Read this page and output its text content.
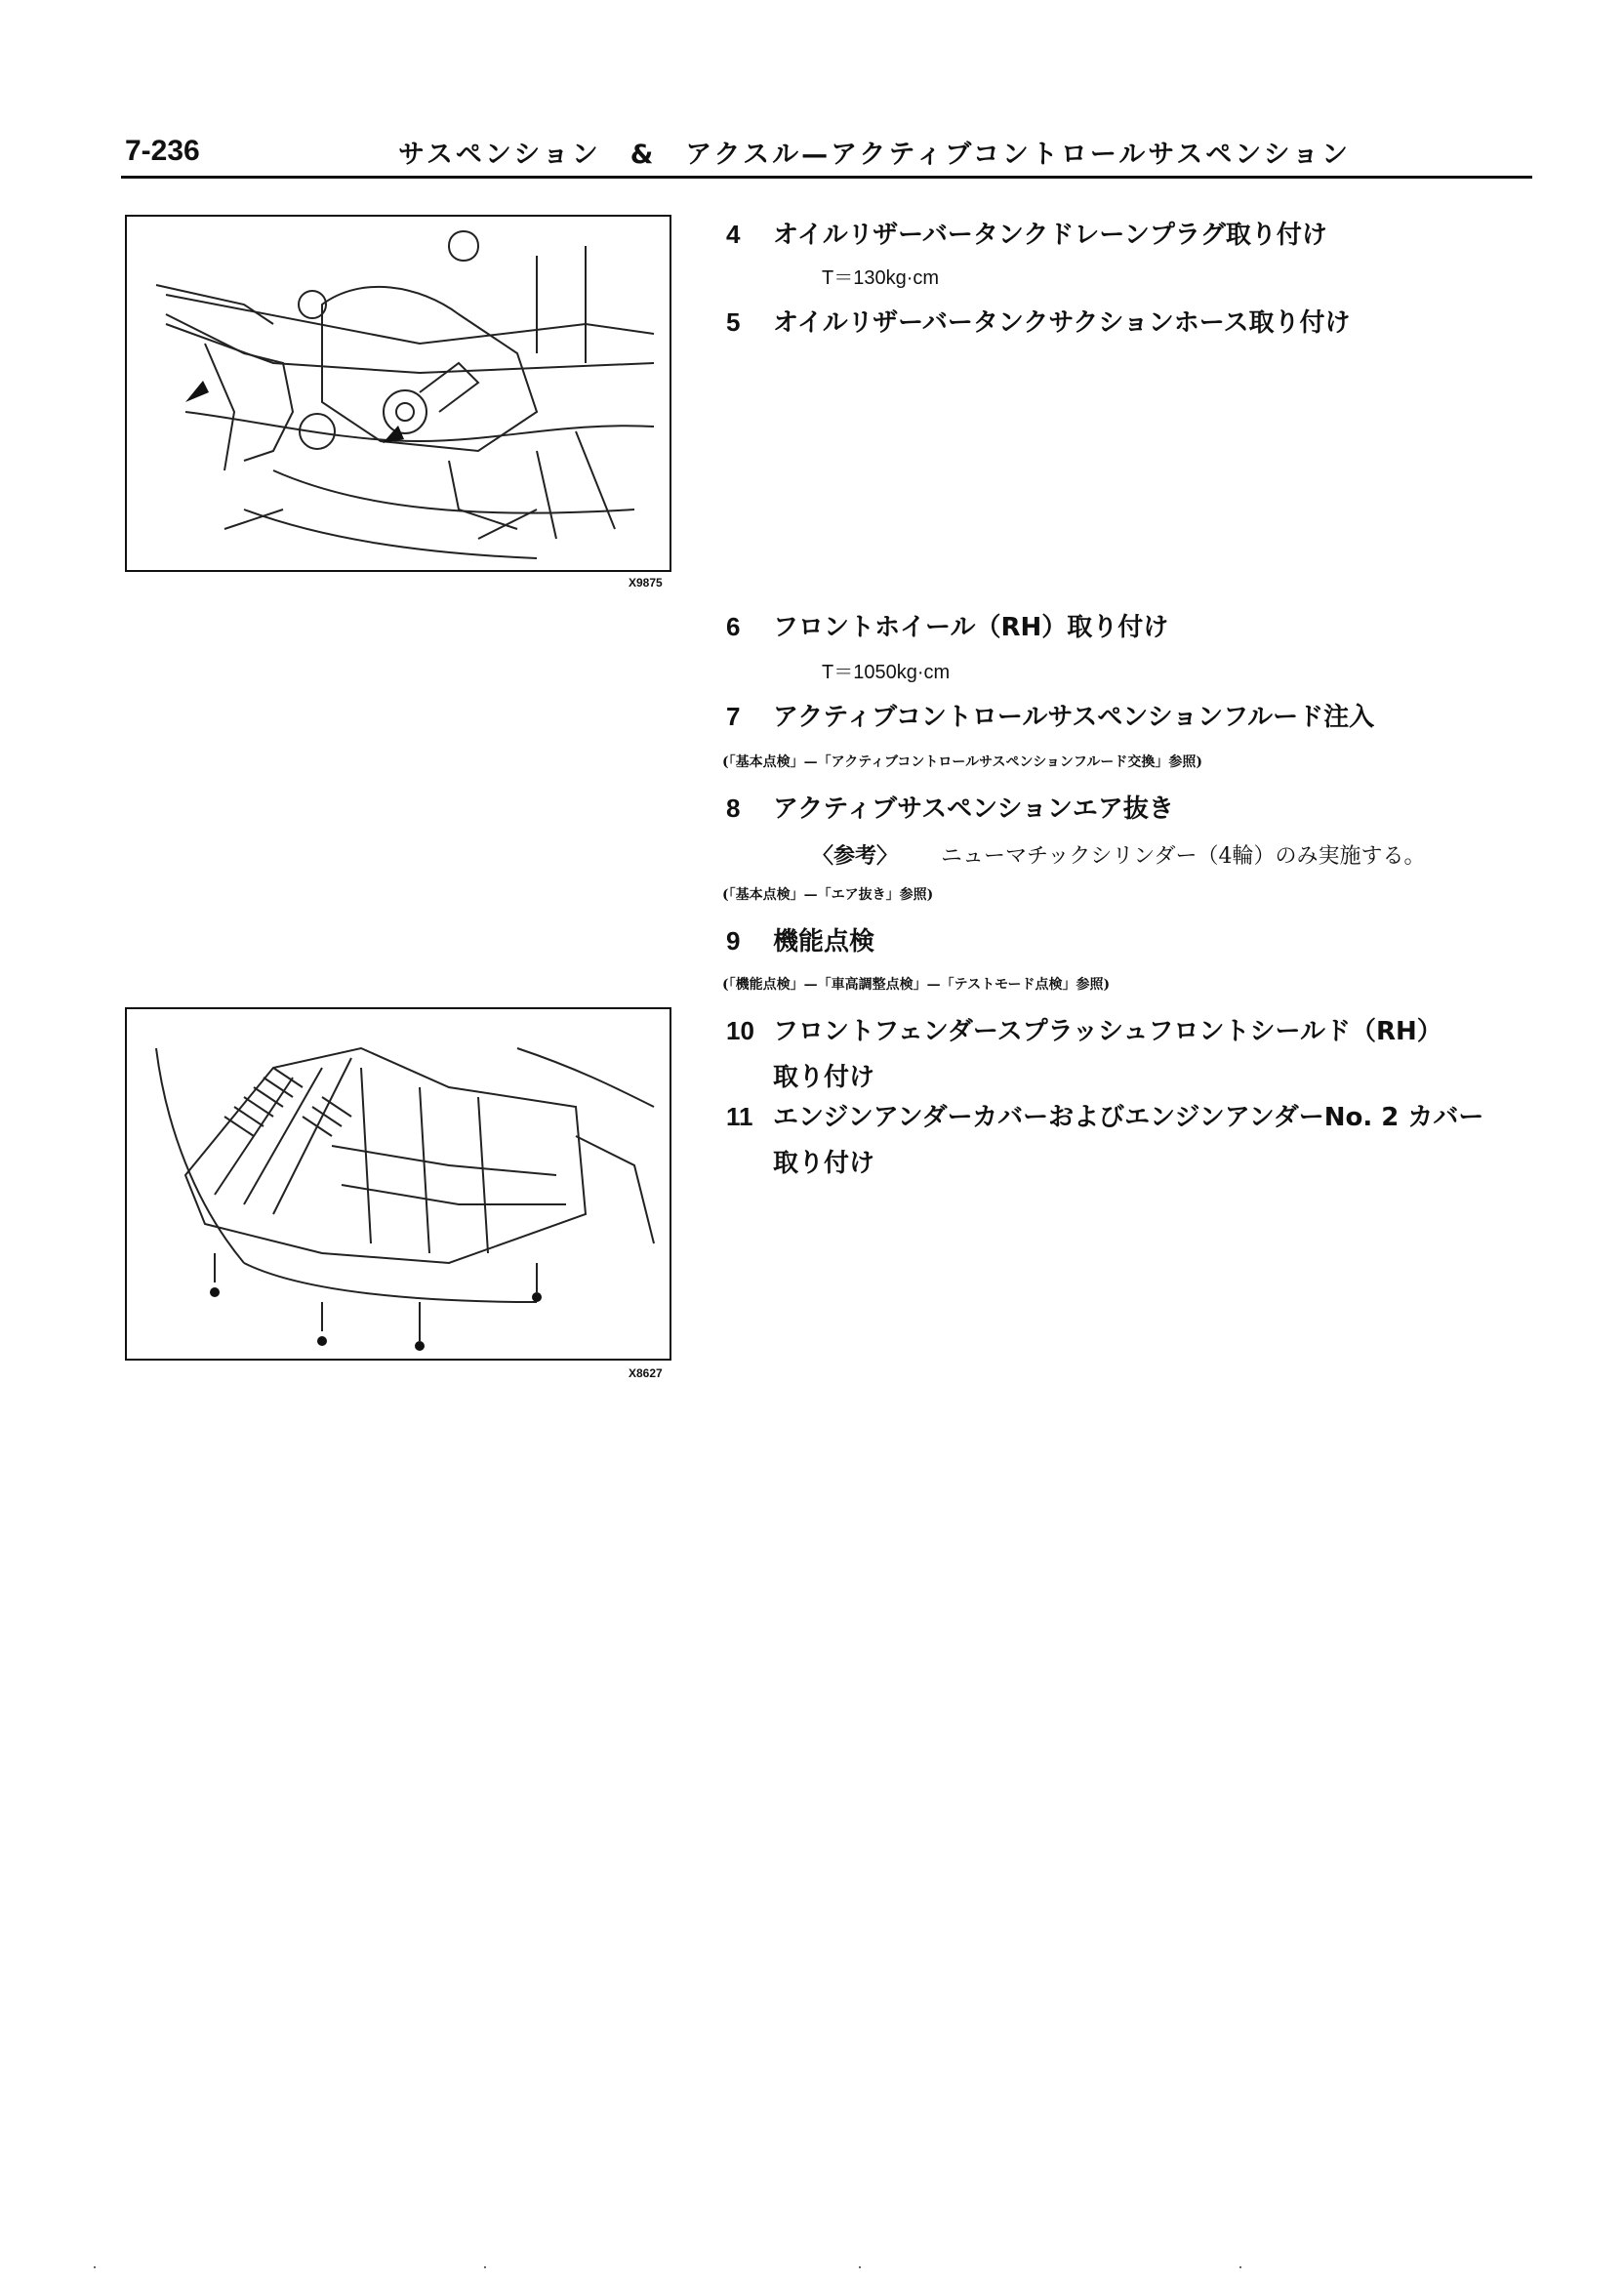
7-236	サスペンション　&　アクスル—アクティブコントロールサスペンション
X9875
X8627
4 オイルリザーバータンクドレーンプラグ取り付け
T＝130kg·cm
5 オイルリザーバータンクサクションホース取り付け
6 フロントホイール（RH）取り付け
T＝1050kg·cm
7 アクティブコントロールサスペンションフルード注入
(「基本点検」—「アクティブコントロールサスペンションフルード交換」参照)
8 アクティブサスペンションエア抜き
〈参考〉 ニューマチックシリンダー（4輪）のみ実施する。
(「基本点検」—「エア抜き」参照)
9 機能点検
(「機能点検」—「車高調整点検」—「テストモード点検」参照)
10 フロントフェンダースプラッシュフロントシールド（RH）
取り付け
11 エンジンアンダーカバーおよびエンジンアンダーNo. 2 カバー
取り付け
